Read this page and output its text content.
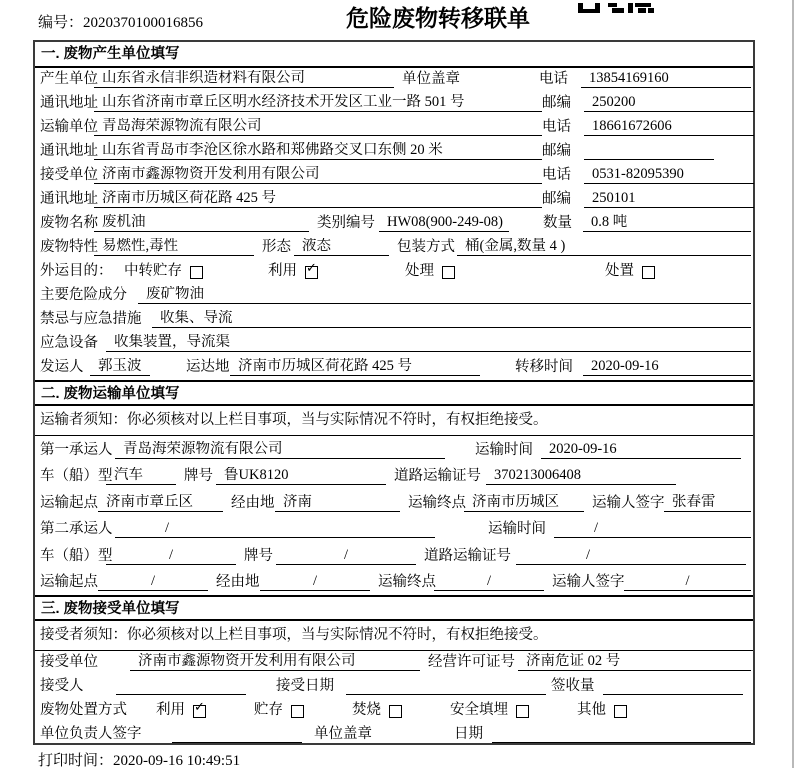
编号：2020370100016856	危险废物转移联单
一. 废物产生单位填写
产生单位 山东省永信非织造材料有限公司	单位盖章	电话	13854169160
通讯地址 山东省济南市章丘区明水经济技术开发区工业一路 501 号	邮编	250200
运输单位 青岛海荣源物流有限公司	电话	18661672606
通讯地址 山东省青岛市李沧区徐水路和郑佛路交叉口东侧 20 米	邮编
接受单位 济南市鑫源物资开发利用有限公司	电话	0531-82095390
通讯地址 济南市历城区荷花路 425 号	邮编	250101
废物名称 废机油	类别编号 HW08(900-249-08)	数量	0.8 吨
废物特性 易燃性,毒性	形态 液态	包装方式 桶(金属,数量 4 )
外运目的： 中转贮存	利用 ✓	处理	处置
主要危险成分	废矿物油
禁忌与应急措施	收集、导流
应急设备	收集装置，导流渠
发运人	郭玉波	运达地 济南市历城区荷花路 425 号	转移时间	2020-09-16
二. 废物运输单位填写
运输者须知：你必须核对以上栏目事项，当与实际情况不符时，有权拒绝接受。
第一承运人 青岛海荣源物流有限公司	运输时间	2020-09-16
车（船）型 汽车	牌号 鲁UK8120	道路运输证号 370213006408
运输起点 济南市章丘区	经由地 济南	运输终点 济南市历城区	运输人签字 张春雷
第二承运人	/	运输时间	/
车（船）型	/	牌号	/	道路运输证号	/
运输起点	/	经由地	/	运输终点	/	运输人签字	/
三. 废物接受单位填写
接受者须知：你必须核对以上栏目事项，当与实际情况不符时，有权拒绝接受。
接受单位	济南市鑫源物资开发利用有限公司	经营许可证号 济南危证 02 号
接受人	接受日期	签收量
废物处置方式 利用 ✓	贮存	焚烧	安全填埋	其他
单位负责人签字	单位盖章	日期
打印时间：2020-09-16 10:49:51
